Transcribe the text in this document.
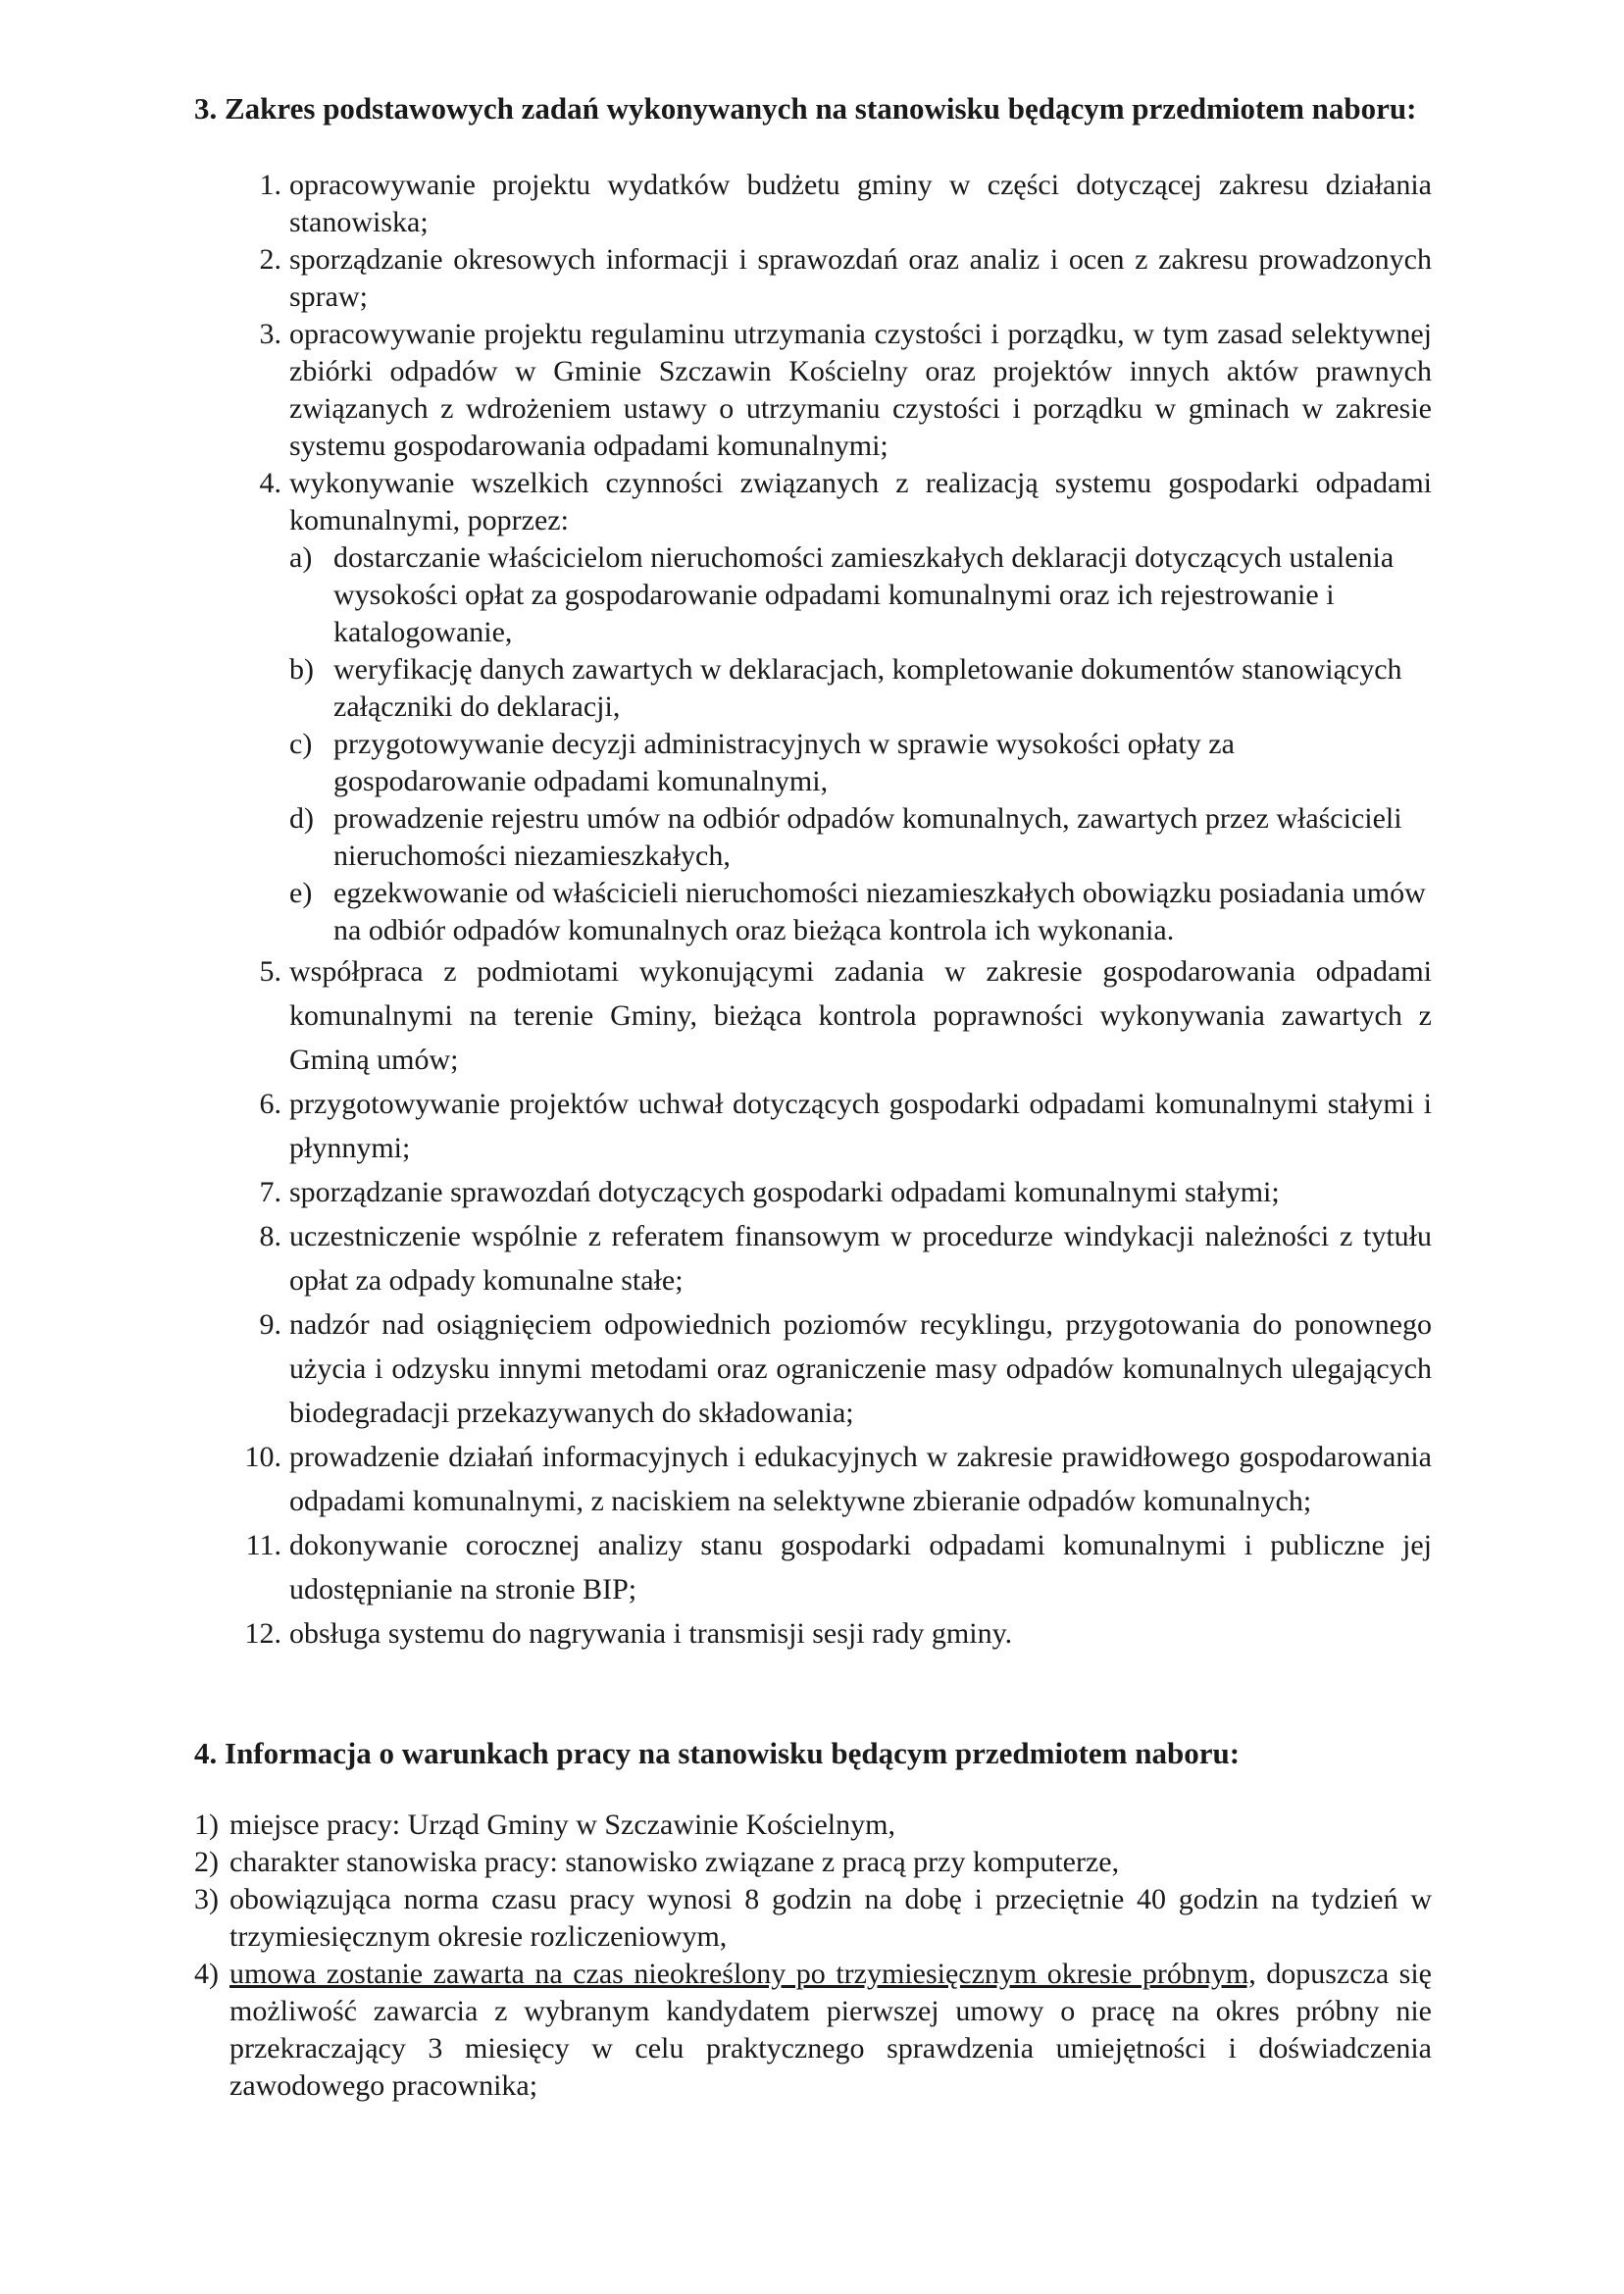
3. Zakres podstawowych zadań wykonywanych na stanowisku będącym przedmiotem naboru:
1. opracowywanie projektu wydatków budżetu gminy w części dotyczącej zakresu działania stanowiska;
2. sporządzanie okresowych informacji i sprawozdań oraz analiz i ocen z zakresu prowadzonych spraw;
3. opracowywanie projektu regulaminu utrzymania czystości i porządku, w tym zasad selektywnej zbiórki odpadów w Gminie Szczawin Kościelny oraz projektów innych aktów prawnych związanych z wdrożeniem ustawy o utrzymaniu czystości i porządku w gminach w zakresie systemu gospodarowania odpadami komunalnymi;
4. wykonywanie wszelkich czynności związanych z realizacją systemu gospodarki odpadami komunalnymi, poprzez:
a) dostarczanie właścicielom nieruchomości zamieszkałych deklaracji dotyczących ustalenia wysokości opłat za gospodarowanie odpadami komunalnymi oraz ich rejestrowanie i katalogowanie,
b) weryfikację danych zawartych w deklaracjach, kompletowanie dokumentów stanowiących załączniki do deklaracji,
c) przygotowywanie decyzji administracyjnych w sprawie wysokości opłaty za gospodarowanie odpadami komunalnymi,
d) prowadzenie rejestru umów na odbiór odpadów komunalnych, zawartych przez właścicieli nieruchomości niezamieszkałych,
e) egzekwowanie od właścicieli nieruchomości niezamieszkałych obowiązku posiadania umów na odbiór odpadów komunalnych oraz bieżąca kontrola ich wykonania.
5. współpraca z podmiotami wykonującymi zadania w zakresie gospodarowania odpadami komunalnymi na terenie Gminy, bieżąca kontrola poprawności wykonywania zawartych z Gminą umów;
6. przygotowywanie projektów uchwał dotyczących gospodarki odpadami komunalnymi stałymi i płynnymi;
7. sporządzanie sprawozdań dotyczących gospodarki odpadami komunalnymi stałymi;
8. uczestniczenie wspólnie z referatem finansowym w procedurze windykacji należności z tytułu opłat za odpady komunalne stałe;
9. nadzór nad osiągnięciem odpowiednich poziomów recyklingu, przygotowania do ponownego użycia i odzysku innymi metodami oraz ograniczenie masy odpadów komunalnych ulegających biodegradacji przekazywanych do składowania;
10. prowadzenie działań informacyjnych i edukacyjnych w zakresie prawidłowego gospodarowania odpadami komunalnymi, z naciskiem na selektywne zbieranie odpadów komunalnych;
11. dokonywanie corocznej analizy stanu gospodarki odpadami komunalnymi i publiczne jej udostępnianie na stronie BIP;
12. obsługa systemu do nagrywania i transmisji sesji rady gminy.
4. Informacja o warunkach pracy na stanowisku będącym przedmiotem naboru:
1) miejsce pracy: Urząd Gminy w Szczawinie Kościelnym,
2) charakter stanowiska pracy: stanowisko związane z pracą przy komputerze,
3) obowiązująca norma czasu pracy wynosi 8 godzin na dobę i przeciętnie 40 godzin na tydzień w trzymiesięcznym okresie rozliczeniowym,
4) umowa zostanie zawarta na czas nieokreślony po trzymiesięcznym okresie próbnym, dopuszcza się możliwość zawarcia z wybranym kandydatem pierwszej umowy o pracę na okres próbny nie przekraczający 3 miesięcy w celu praktycznego sprawdzenia umiejętności i doświadczenia zawodowego pracownika;
